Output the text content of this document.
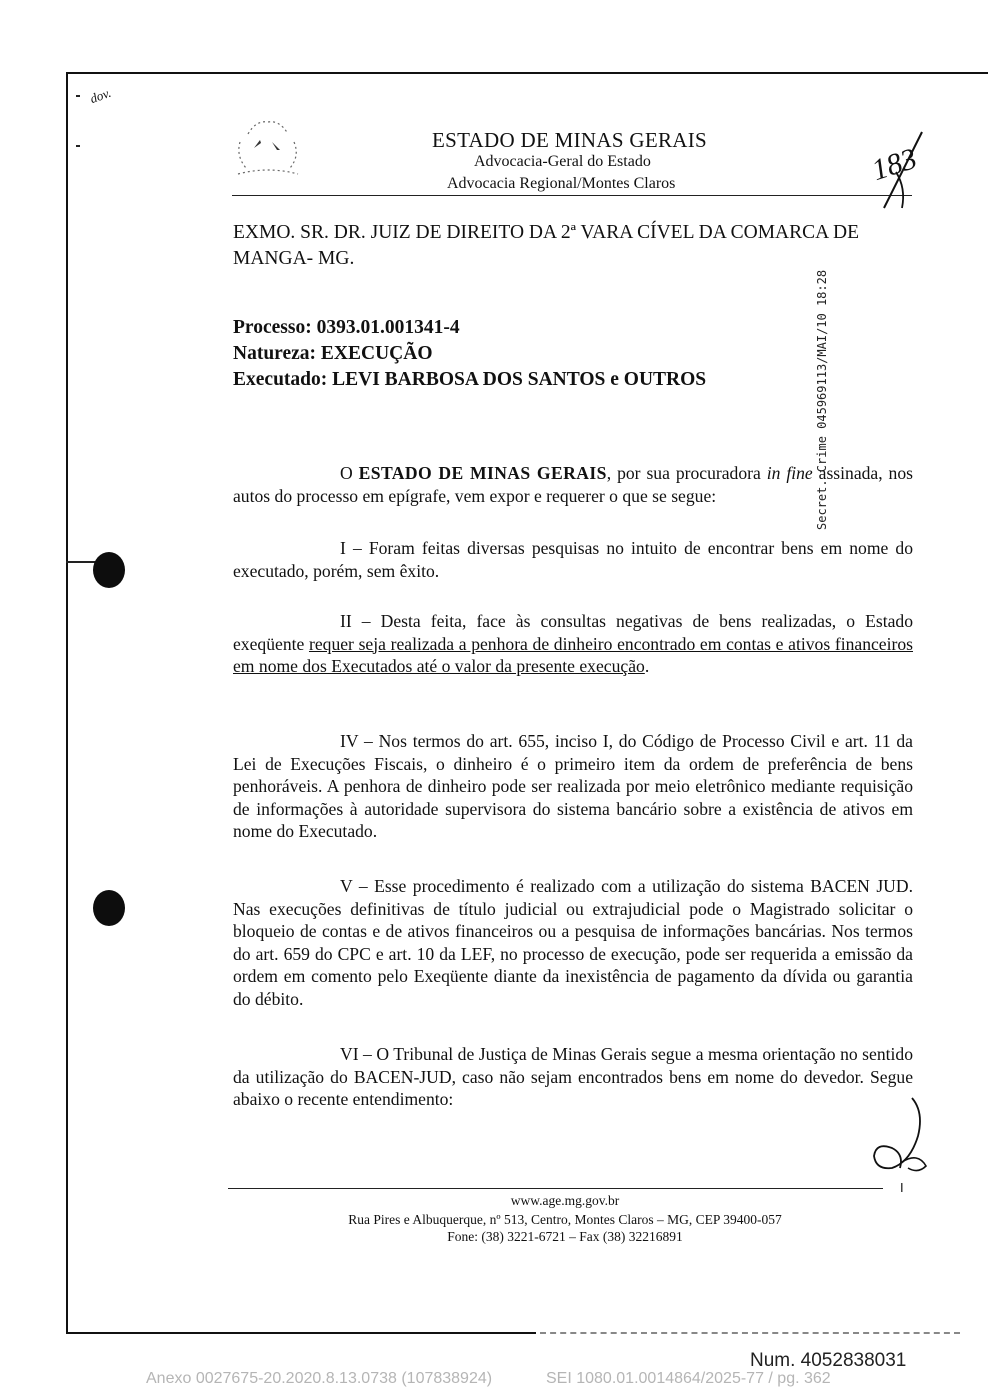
dov.
ESTADO DE MINAS GERAIS
Advocacia-Geral do Estado
Advocacia Regional/Montes Claros	183
EXMO. SR. DR. JUIZ DE DIREITO DA 2ª VARA CÍVEL DA COMARCA DE MANGA- MG.
Secret. Crime 045969113/MAI/10 18:28
Processo: 0393.01.001341-4
Natureza: EXECUÇÃO
Executado: LEVI BARBOSA DOS SANTOS e OUTROS
O ESTADO DE MINAS GERAIS, por sua procuradora in fine assinada, nos autos do processo em epígrafe, vem expor e requerer o que se segue:
I – Foram feitas diversas pesquisas no intuito de encontrar bens em nome do executado, porém, sem êxito.
II – Desta feita, face às consultas negativas de bens realizadas, o Estado exeqüente requer seja realizada a penhora de dinheiro encontrado em contas e ativos financeiros em nome dos Executados até o valor da presente execução.
IV – Nos termos do art. 655, inciso I, do Código de Processo Civil e art. 11 da Lei de Execuções Fiscais, o dinheiro é o primeiro item da ordem de preferência de bens penhoráveis. A penhora de dinheiro pode ser realizada por meio eletrônico mediante requisição de informações à autoridade supervisora do sistema bancário sobre a existência de ativos em nome do Executado.
V – Esse procedimento é realizado com a utilização do sistema BACEN JUD. Nas execuções definitivas de título judicial ou extrajudicial pode o Magistrado solicitar o bloqueio de contas e de ativos financeiros ou a pesquisa de informações bancárias. Nos termos do art. 659 do CPC e art. 10 da LEF, no processo de execução, pode ser requerida a emissão da ordem em comento pelo Exeqüente diante da inexistência de pagamento da dívida ou garantia do débito.
VI – O Tribunal de Justiça de Minas Gerais segue a mesma orientação no sentido da utilização do BACEN-JUD, caso não sejam encontrados bens em nome do devedor. Segue abaixo o recente entendimento:
I
www.age.mg.gov.br
Rua Pires e Albuquerque, nº 513, Centro, Montes Claros – MG, CEP 39400-057
Fone: (38) 3221-6721 – Fax (38) 32216891
Num. 4052838031
Anexo 0027675-20.2020.8.13.0738 (107838924)	SEI 1080.01.0014864/2025-77 / pg. 362
